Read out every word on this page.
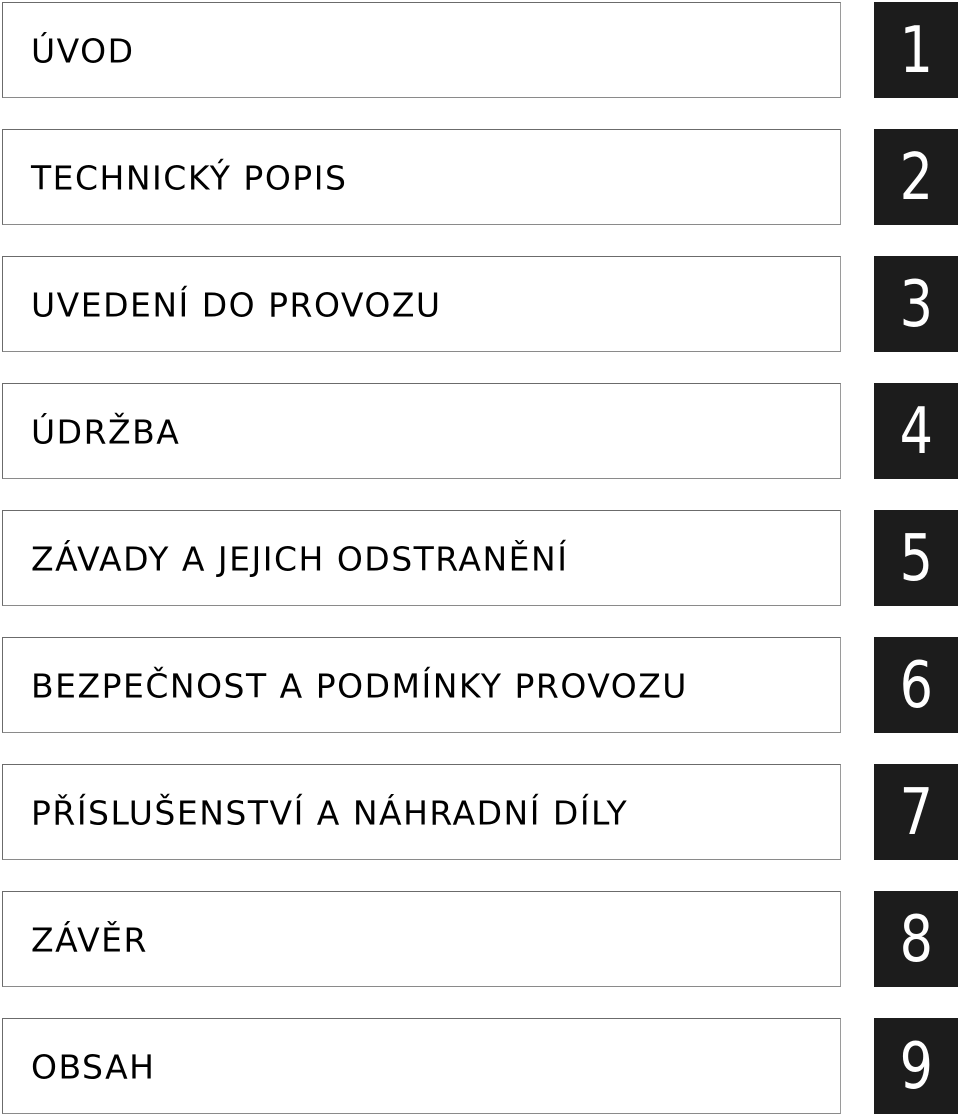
ÚVOD	1
TECHNICKÝ POPIS	2
UVEDENÍ DO PROVOZU	3
ÚDRŽBA	4
ZÁVADY A JEJICH ODSTRANĚNÍ	5
BEZPEČNOST A PODMÍNKY PROVOZU	6
PŘÍSLUŠENSTVÍ A NÁHRADNÍ DÍLY	7
ZÁVĚR	8
OBSAH	9
